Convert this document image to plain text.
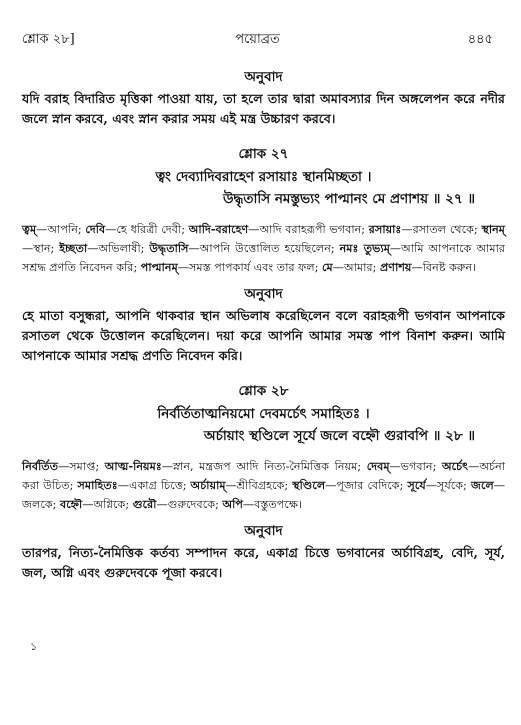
শ্লোক ২৮]	পয়োব্রত	৪৪৫

অনুবাদ

যদি বরাহ বিদারিত মৃত্তিকা পাওয়া যায়, তা হলে তার দ্বারা অমাবস্যার দিন অঙ্গলেপন করে নদীর জলে স্নান করবে, এবং স্নান করার সময় এই মন্ত্র উচ্চারণ করবে।

শ্লোক ২৭

ত্বং দেব্যাদিবরাহেণ রসায়াঃ স্থানমিচ্ছতা ।

উদ্ধৃতাসি নমস্তুভ্যং পাপ্মানং মে প্রণাশয় ॥ ২৭ ॥

ত্বম্—আপনি; দেবি—হে ধরিত্রী দেবী; আদি-বরাহেণ—আদি বরাহরূপী ভগবান; রসায়াঃ—রসাতল থেকে; স্থানম্—স্থান; ইচ্ছতা—অভিলাষী; উদ্ধৃতাসি—আপনি উত্তোলিত হয়েছিলেন; নমঃ তুভ্যম্—আমি আপনাকে আমার সশ্রদ্ধ প্রণতি নিবেদন করি; পাপ্মানম্—সমস্ত পাপকার্য এবং তার ফল; মে—আমার; প্রণাশয়—বিনষ্ট করুন।

অনুবাদ

হে মাতা বসুন্ধরা, আপনি থাকবার স্থান অভিলাষ করেছিলেন বলে বরাহরূপী ভগবান আপনাকে রসাতল থেকে উত্তোলন করেছিলেন। দয়া করে আপনি আমার সমস্ত পাপ বিনাশ করুন। আমি আপনাকে আমার সশ্রদ্ধ প্রণতি নিবেদন করি।

শ্লোক ২৮

নির্বর্তিতাত্মনিয়মো দেবমর্চেৎ সমাহিতঃ ।

অর্চায়াং স্থণ্ডিলে সূর্যে জলে বহ্নৌ গুরাবপি ॥ ২৮ ॥

নির্বর্তিত—সমাপ্ত; আত্ম-নিয়মঃ—স্নান, মন্ত্রজপ আদি নিত্য-নৈমিত্তিক নিয়ম; দেবম্—ভগবান; অর্চেৎ—অর্চনা করা উচিত; সমাহিতঃ—একাগ্র চিত্তে; অর্চায়াম্—শ্রীবিগ্রহকে; স্থণ্ডিলে—পূজার বেদিকে; সূর্যে—সূর্যকে; জলে—জলকে; বহ্নৌ—অগ্নিকে; গুরৌ—গুরুদেবকে; অপি—বস্তুতপক্ষে।

অনুবাদ

তারপর, নিত্য-নৈমিত্তিক কর্তব্য সম্পাদন করে, একাগ্র চিত্তে ভগবানের অর্চাবিগ্রহ, বেদি, সূর্য, জল, অগ্নি এবং গুরুদেবকে পূজা করবে।

১
